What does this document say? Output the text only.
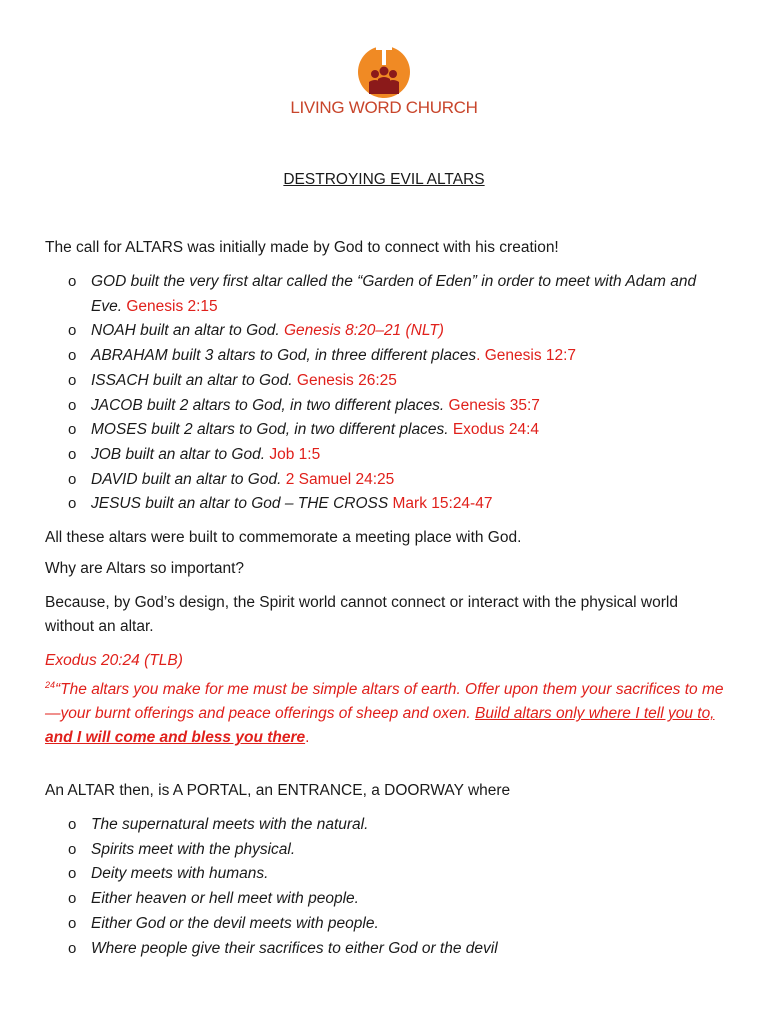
LIVING WORD CHURCH
DESTROYING EVIL ALTARS
The call for ALTARS was initially made by God to connect with his creation!
o GOD built the very first altar called the “Garden of Eden” in order to meet with Adam and Eve. Genesis 2:15
o NOAH built an altar to God. Genesis 8:20–21 (NLT)
o ABRAHAM built 3 altars to God, in three different places. Genesis 12:7
o ISSACH built an altar to God. Genesis 26:25
o JACOB built 2 altars to God, in two different places. Genesis 35:7
o MOSES built 2 altars to God, in two different places. Exodus 24:4
o JOB built an altar to God. Job 1:5
o DAVID built an altar to God. 2 Samuel 24:25
o JESUS built an altar to God – THE CROSS Mark 15:24-47
All these altars were built to commemorate a meeting place with God.
Why are Altars so important?
Because, by God’s design, the Spirit world cannot connect or interact with the physical world without an altar.
Exodus 20:24 (TLB)
$^{24}$“The altars you make for me must be simple altars of earth. Offer upon them your sacrifices to me—your burnt offerings and peace offerings of sheep and oxen. Build altars only where I tell you to, and I will come and bless you there.
An ALTAR then, is A PORTAL, an ENTRANCE, a DOORWAY where
o The supernatural meets with the natural.
o Spirits meet with the physical.
o Deity meets with humans.
o Either heaven or hell meet with people.
o Either God or the devil meets with people.
o Where people give their sacrifices to either God or the devil
